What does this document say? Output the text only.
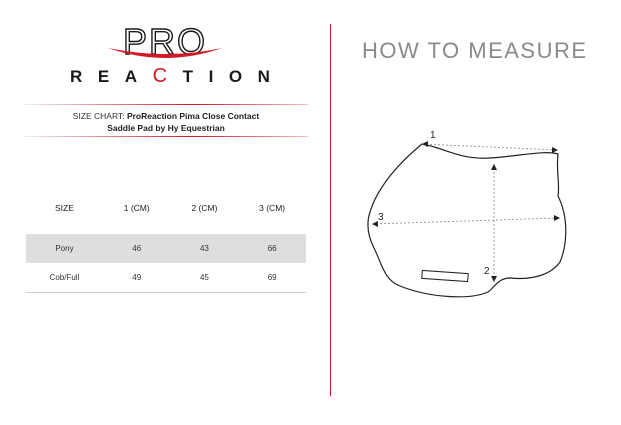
PRO
R E A C T I O N
SIZE CHART: ProReaction Pima Close Contact
Saddle Pad by Hy Equestrian
SIZE	1 (CM)	2 (CM)	3 (CM)

Pony	46	43	66
Cob/Full	49	45	69
HOW TO MEASURE
1
2
3
